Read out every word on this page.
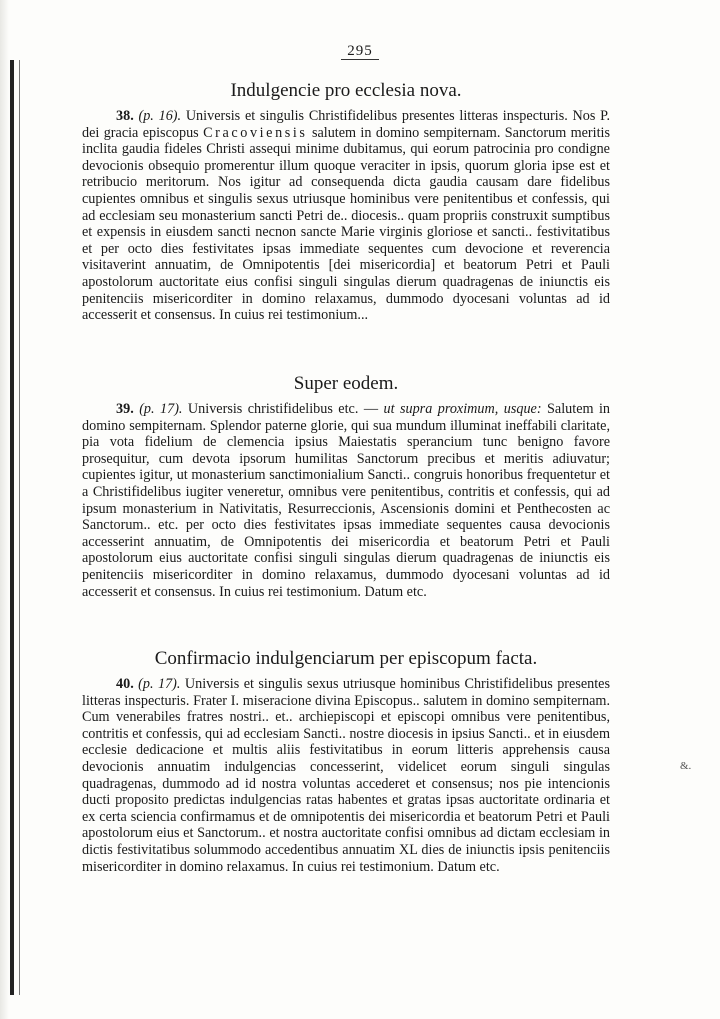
295
Indulgencie pro ecclesia nova.

38. (p. 16). Universis et singulis Christifidelibus presentes litteras inspecturis. Nos P. dei gracia episcopus Cracoviensis salutem in domino sempiternam. Sanctorum meritis inclita gaudia fideles Christi assequi minime dubitamus, qui eorum patrocinia pro condigne devocionis obsequio promerentur illum quoque veraciter in ipsis, quorum gloria ipse est et retribucio meritorum. Nos igitur ad consequenda dicta gaudia causam dare fidelibus cupientes omnibus et singulis sexus utriusque hominibus vere penitentibus et confessis, qui ad ecclesiam seu monasterium sancti Petri de.. diocesis.. quam propriis construxit sumptibus et expensis in eiusdem sancti necnon sancte Marie virginis gloriose et sancti.. festivitatibus et per octo dies festivitates ipsas immediate sequentes cum devocione et reverencia visitaverint annuatim, de Omnipotentis [dei misericordia] et beatorum Petri et Pauli apostolorum auctoritate eius confisi singuli singulas dierum quadragenas de iniunctis eis penitenciis misericorditer in domino relaxamus, dummodo dyocesani voluntas ad id accesserit et consensus. In cuius rei testimonium...

Super eodem.

39. (p. 17). Universis christifidelibus etc. — ut supra proximum, usque: Salutem in domino sempiternam. Splendor paterne glorie, qui sua mundum illuminat ineffabili claritate, pia vota fidelium de clemencia ipsius Maiestatis sperancium tunc benigno favore prosequitur, cum devota ipsorum humilitas Sanctorum precibus et meritis adiuvatur; cupientes igitur, ut monasterium sanctimonialium Sancti.. congruis honoribus frequentetur et a Christifidelibus iugiter veneretur, omnibus vere penitentibus, contritis et confessis, qui ad ipsum monasterium in Nativitatis, Resurreccionis, Ascensionis domini et Penthecosten ac Sanctorum.. etc. per octo dies festivitates ipsas immediate sequentes causa devocionis accesserint annuatim, de Omnipotentis dei misericordia et beatorum Petri et Pauli apostolorum eius auctoritate confisi singuli singulas dierum quadragenas de iniunctis eis penitenciis misericorditer in domino relaxamus, dummodo dyocesani voluntas ad id accesserit et consensus. In cuius rei testimonium. Datum etc.

Confirmacio indulgenciarum per episcopum facta.

40. (p. 17). Universis et singulis sexus utriusque hominibus Christifidelibus presentes litteras inspecturis. Frater I. miseracione divina Episcopus.. salutem in domino sempiternam. Cum venerabiles fratres nostri.. et.. archiepiscopi et episcopi omnibus vere penitentibus, contritis et confessis, qui ad ecclesiam Sancti.. nostre diocesis in ipsius Sancti.. et in eiusdem ecclesie dedicacione et multis aliis festivitatibus in eorum litteris apprehensis causa devocionis annuatim indulgencias concesserint, videlicet eorum singuli singulas quadragenas, dummodo ad id nostra voluntas accederet et consensus; nos pie intencionis ducti proposito predictas indulgencias ratas habentes et gratas ipsas auctoritate ordinaria et ex certa sciencia confirmamus et de omnipotentis dei misericordia et beatorum Petri et Pauli apostolorum eius et Sanctorum.. et nostra auctoritate confisi omnibus ad dictam ecclesiam in dictis festivitatibus solummodo accedentibus annuatim XL dies de iniunctis ipsis penitenciis misericorditer in domino relaxamus. In cuius rei testimonium. Datum etc.

&.
